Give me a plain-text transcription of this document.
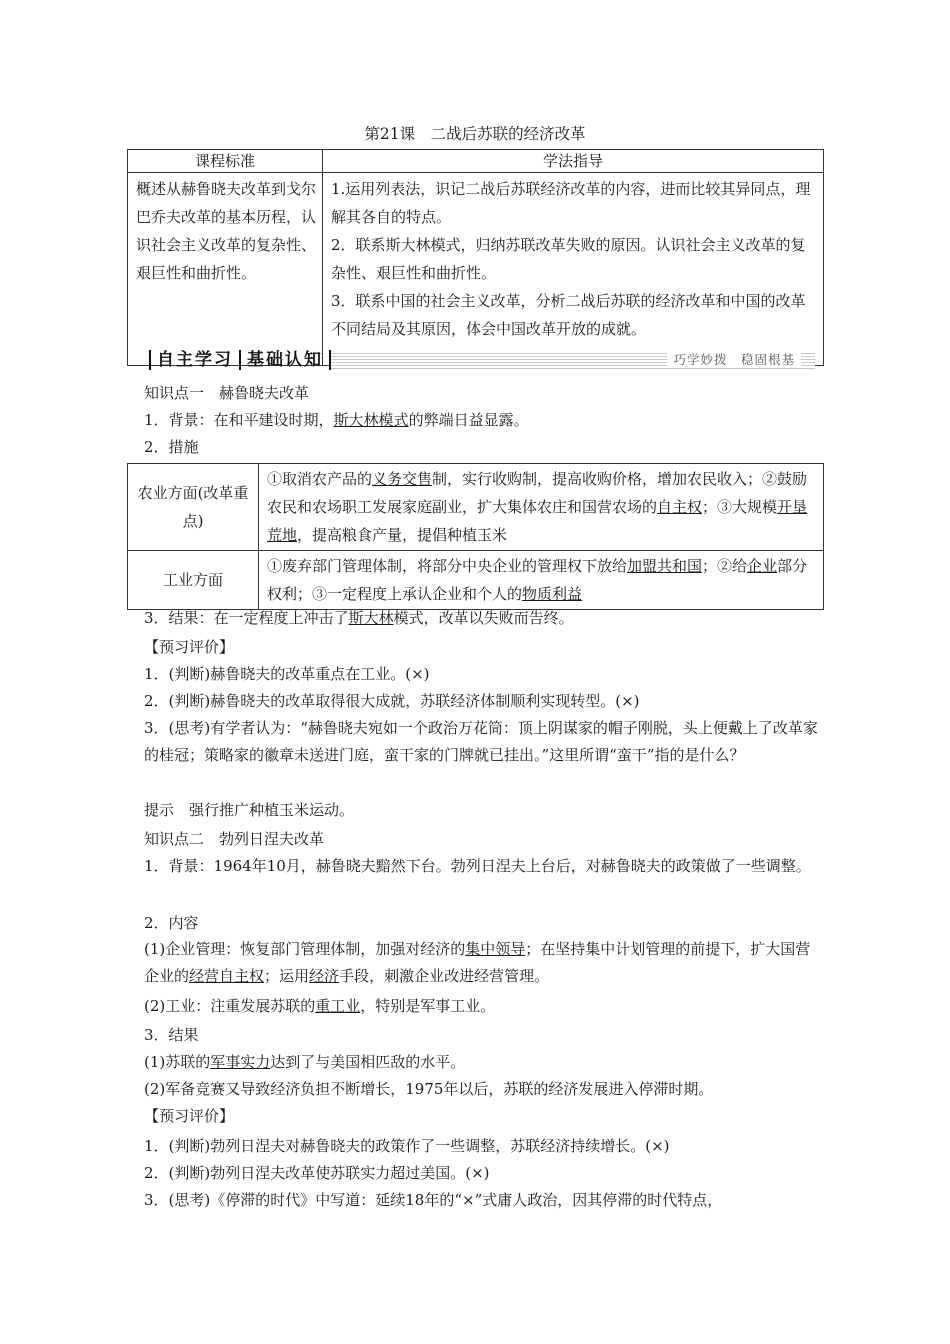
第21课　二战后苏联的经济改革
课程标准	学法指导
概述从赫鲁晓夫改革到戈尔巴乔夫改革的基本历程，认识社会主义改革的复杂性、艰巨性和曲折性。	1.运用列表法，识记二战后苏联经济改革的内容，进而比较其异同点，理解其各自的特点。

2．联系斯大林模式，归纳苏联改革失败的原因。认识社会主义改革的复杂性、艰巨性和曲折性。

3．联系中国的社会主义改革，分析二战后苏联的经济改革和中国的改革不同结局及其原因，体会中国改革开放的成就。

自主学习 基础认知	巧学妙拨　稳固根基
知识点一　赫鲁晓夫改革
1．背景：在和平建设时期，斯大林模式的弊端日益显露。
2．措施
农业方面(改革重点)	①取消农产品的义务交售制，实行收购制，提高收购价格，增加农民收入；②鼓励农民和农场职工发展家庭副业，扩大集体农庄和国营农场的自主权；③大规模开垦荒地，提高粮食产量，提倡种植玉米
工业方面	①废弃部门管理体制，将部分中央企业的管理权下放给加盟共和国；②给企业部分权利；③一定程度上承认企业和个人的物质利益
3．结果：在一定程度上冲击了斯大林模式，改革以失败而告终。
【预习评价】
1．(判断)赫鲁晓夫的改革重点在工业。(×)
2．(判断)赫鲁晓夫的改革取得很大成就，苏联经济体制顺利实现转型。(×)
3．(思考)有学者认为：“赫鲁晓夫宛如一个政治万花筒：顶上阴谋家的帽子刚脱，头上便戴上了改革家的桂冠；策略家的徽章未送进门庭，蛮干家的门牌就已挂出。”这里所谓“蛮干”指的是什么？
提示　强行推广种植玉米运动。
知识点二　勃列日涅夫改革
1．背景：1964年10月，赫鲁晓夫黯然下台。勃列日涅夫上台后，对赫鲁晓夫的政策做了一些调整。
2．内容
(1)企业管理：恢复部门管理体制，加强对经济的集中领导；在坚持集中计划管理的前提下，扩大国营企业的经营自主权；运用经济手段，刺激企业改进经营管理。
(2)工业：注重发展苏联的重工业，特别是军事工业。
3．结果
(1)苏联的军事实力达到了与美国相匹敌的水平。
(2)军备竞赛又导致经济负担不断增长，1975年以后，苏联的经济发展进入停滞时期。
【预习评价】
1．(判断)勃列日涅夫对赫鲁晓夫的政策作了一些调整，苏联经济持续增长。(×)
2．(判断)勃列日涅夫改革使苏联实力超过美国。(×)
3．(思考)《停滞的时代》中写道：延续18年的“×”式庸人政治，因其停滞的时代特点，
